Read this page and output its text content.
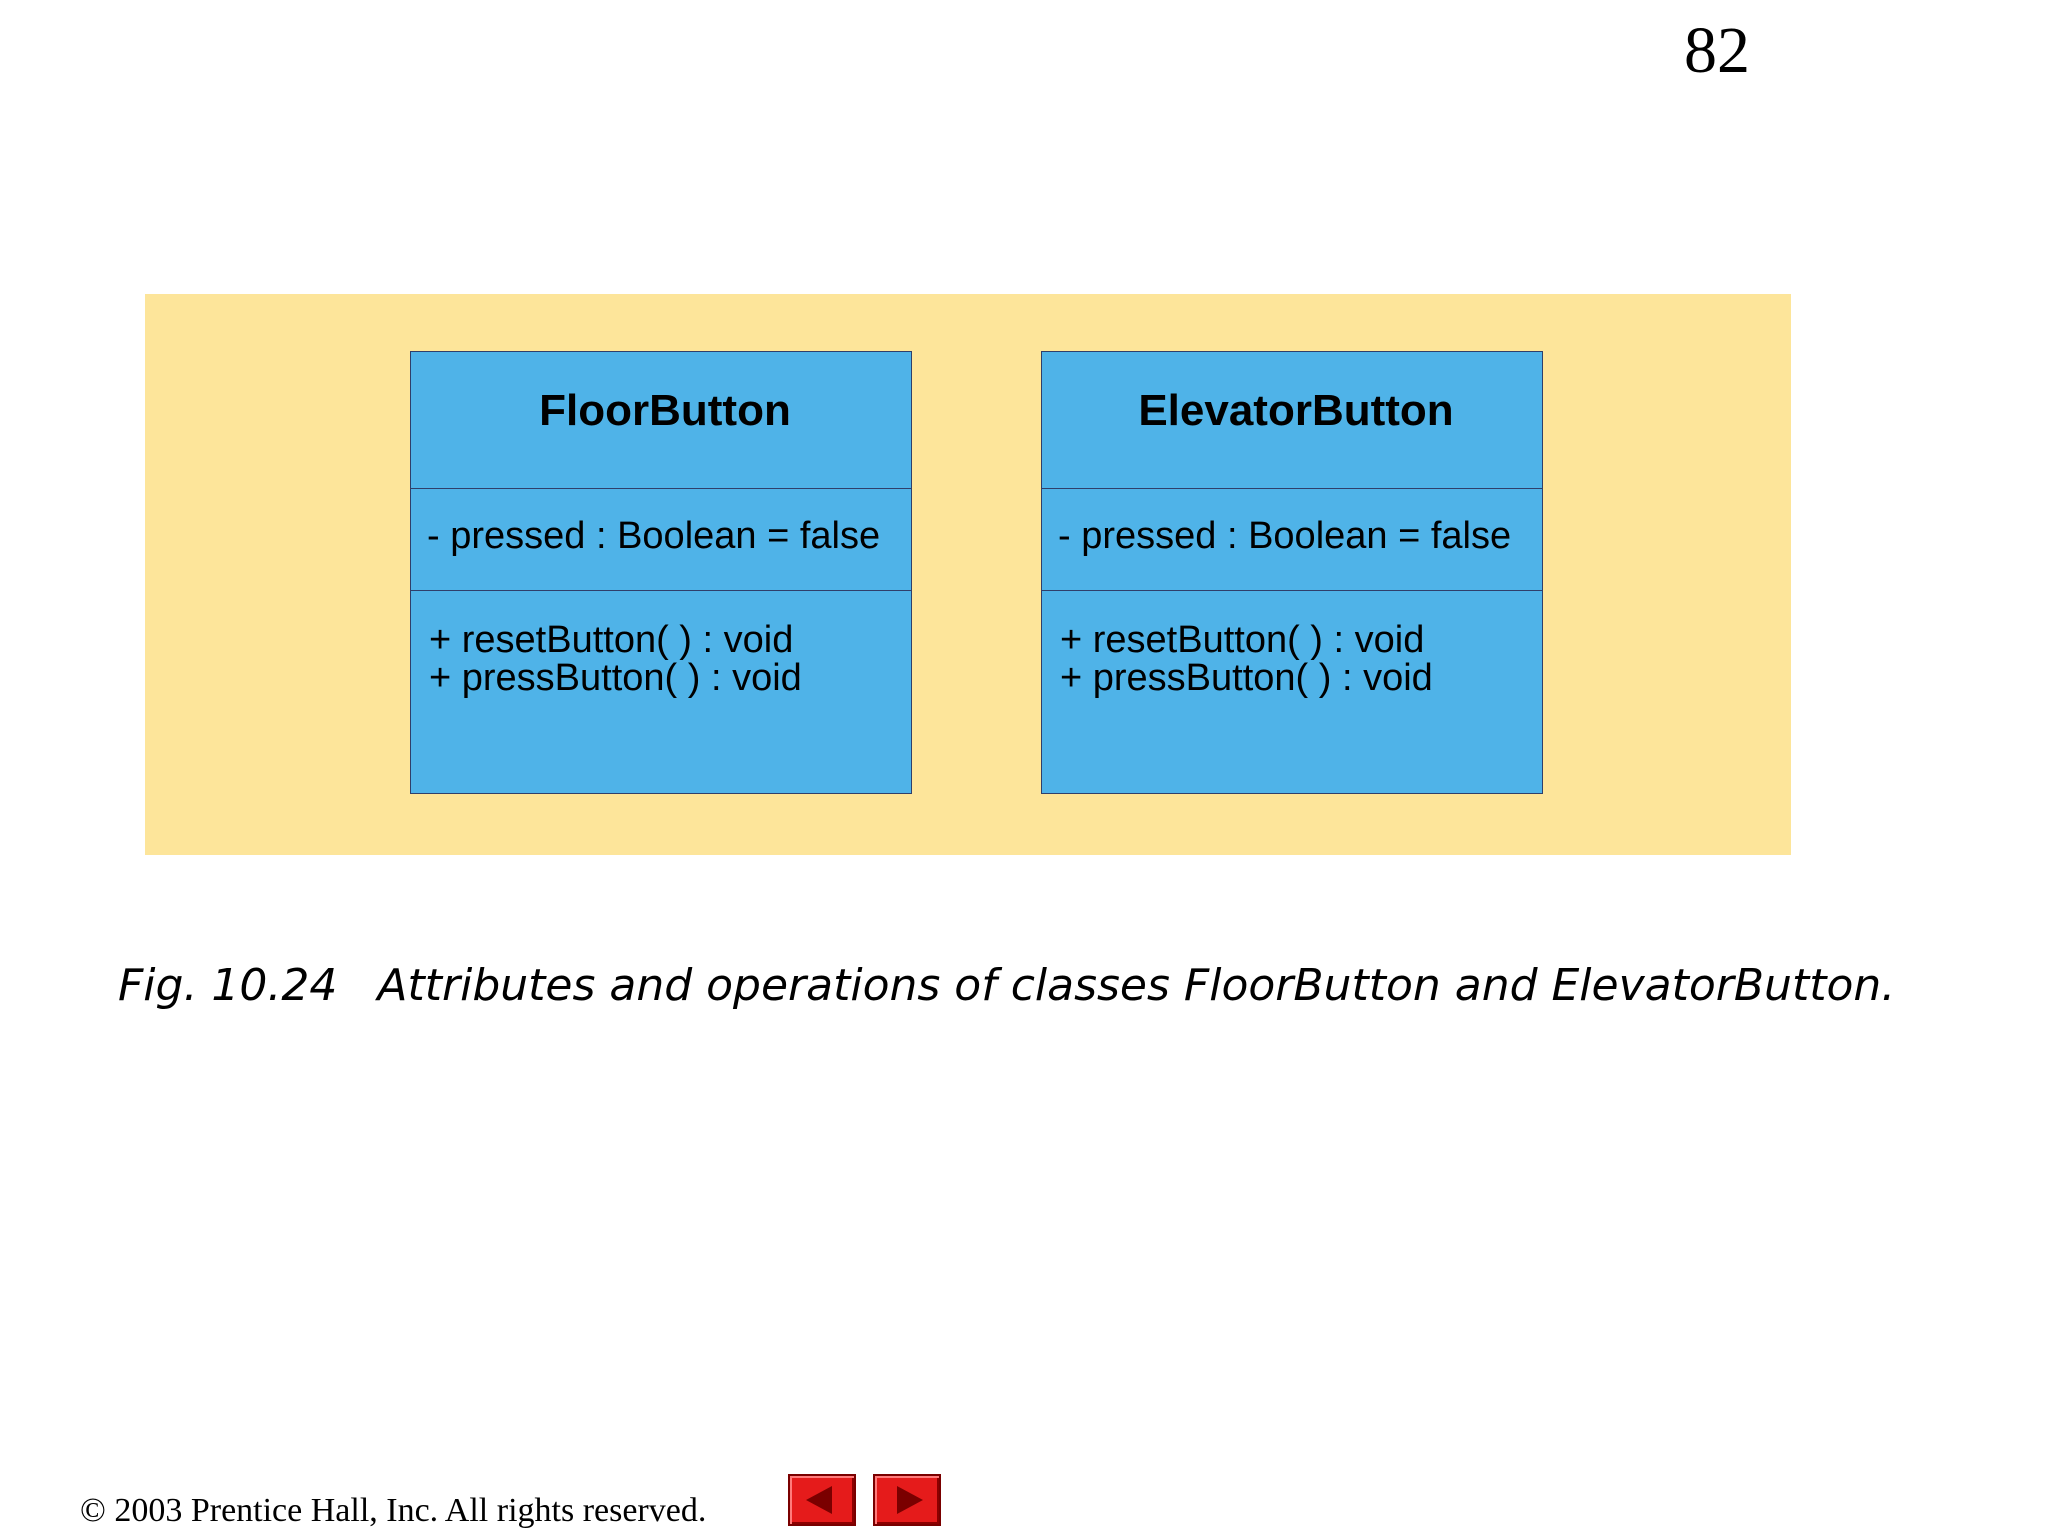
82
FloorButton
- pressed : Boolean = false
+ resetButton( ) : void
+ pressButton( ) : void
ElevatorButton
- pressed : Boolean = false
+ resetButton( ) : void
+ pressButton( ) : void
Fig. 10.24 Attributes and operations of classes FloorButton and ElevatorButton.
© 2003 Prentice Hall, Inc. All rights reserved.
